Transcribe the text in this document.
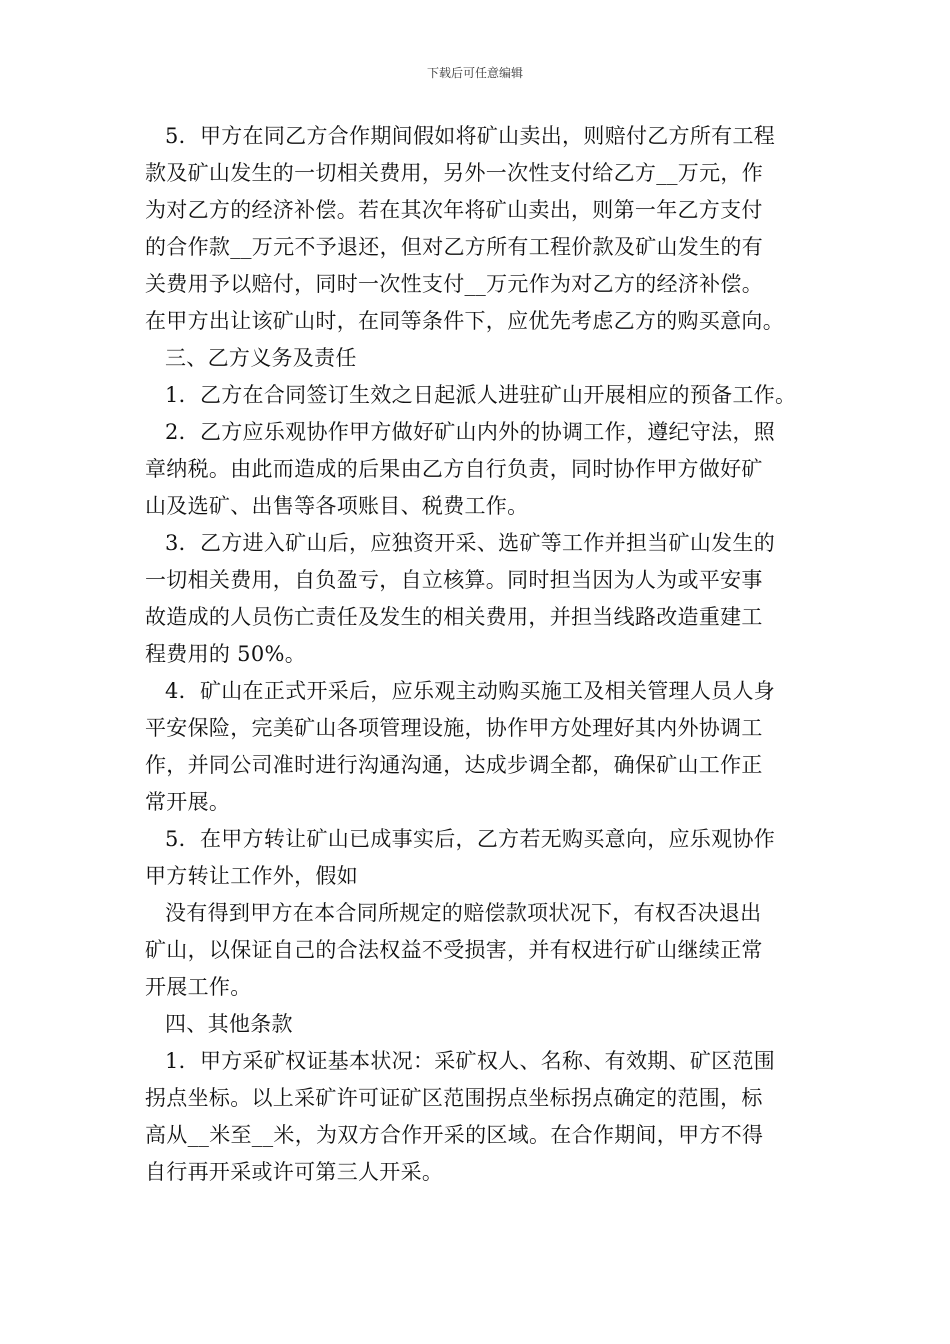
下载后可任意编辑
5．甲方在同乙方合作期间假如将矿山卖出，则赔付乙方所有工程
款及矿山发生的一切相关费用，另外一次性支付给乙方__万元，作
为对乙方的经济补偿。若在其次年将矿山卖出，则第一年乙方支付
的合作款__万元不予退还，但对乙方所有工程价款及矿山发生的有
关费用予以赔付，同时一次性支付__万元作为对乙方的经济补偿。
在甲方出让该矿山时，在同等条件下，应优先考虑乙方的购买意向。
三、乙方义务及责任
1．乙方在合同签订生效之日起派人进驻矿山开展相应的预备工作。
2．乙方应乐观协作甲方做好矿山内外的协调工作，遵纪守法，照
章纳税。由此而造成的后果由乙方自行负责，同时协作甲方做好矿
山及选矿、出售等各项账目、税费工作。
3．乙方进入矿山后，应独资开采、选矿等工作并担当矿山发生的
一切相关费用，自负盈亏，自立核算。同时担当因为人为或平安事
故造成的人员伤亡责任及发生的相关费用，并担当线路改造重建工
程费用的 50%。
4．矿山在正式开采后，应乐观主动购买施工及相关管理人员人身
平安保险，完美矿山各项管理设施，协作甲方处理好其内外协调工
作，并同公司准时进行沟通沟通，达成步调全都，确保矿山工作正
常开展。
5．在甲方转让矿山已成事实后，乙方若无购买意向，应乐观协作
甲方转让工作外，假如
没有得到甲方在本合同所规定的赔偿款项状况下，有权否决退出
矿山，以保证自己的合法权益不受损害，并有权进行矿山继续正常
开展工作。
四、其他条款
1．甲方采矿权证基本状况：采矿权人、名称、有效期、矿区范围
拐点坐标。以上采矿许可证矿区范围拐点坐标拐点确定的范围，标
高从__米至__米，为双方合作开采的区域。在合作期间，甲方不得
自行再开采或许可第三人开采。
